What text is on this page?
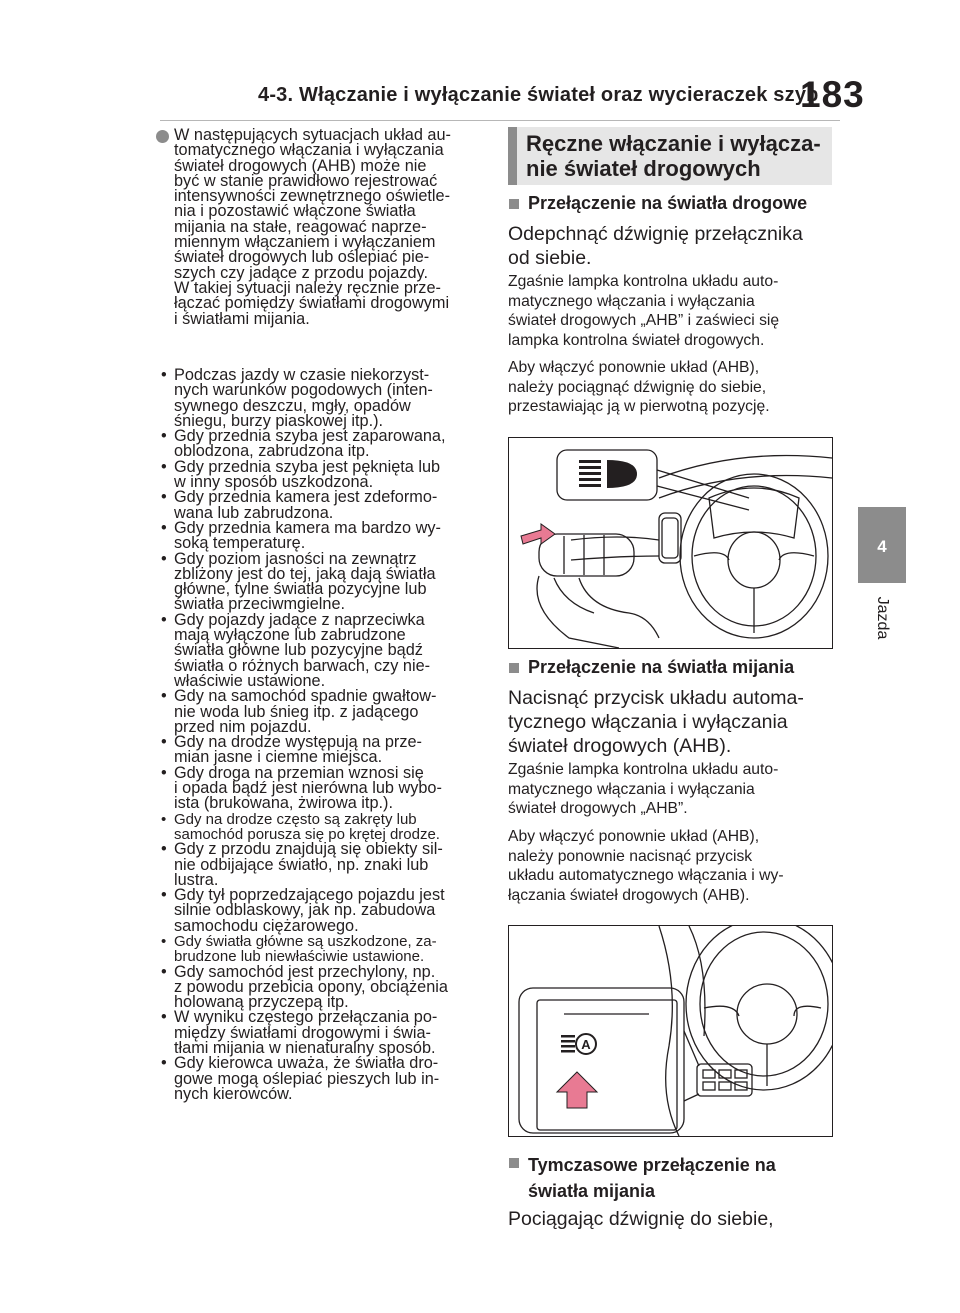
4-3. Włączanie i wyłączanie świateł oraz wycieraczek szyb
183
4
Jazda
W następujących sytuacjach układ au-
tomatycznego włączania i wyłączania
świateł drogowych (AHB) może nie
być w stanie prawidłowo rejestrować
intensywności zewnętrznego oświetle-
nia i pozostawić włączone światła
mijania na stałe, reagować naprze-
miennym włączaniem i wyłączaniem
świateł drogowych lub oślepiać pie-
szych czy jadące z przodu pojazdy.
W takiej sytuacji należy ręcznie prze-
łączać pomiędzy światłami drogowymi
i światłami mijania.
• Podczas jazdy w czasie niekorzyst-
nych warunków pogodowych (inten-
sywnego deszczu, mgły, opadów
śniegu, burzy piaskowej itp.).
• Gdy przednia szyba jest zaparowana,
oblodzona, zabrudzona itp.
• Gdy przednia szyba jest pęknięta lub
w inny sposób uszkodzona.
• Gdy przednia kamera jest zdeformo-
wana lub zabrudzona.
• Gdy przednia kamera ma bardzo wy-
soką temperaturę.
• Gdy poziom jasności na zewnątrz
zbliżony jest do tej, jaką dają światła
główne, tylne światła pozycyjne lub
światła przeciwmgielne.
• Gdy pojazdy jadące z naprzeciwka
mają wyłączone lub zabrudzone
światła główne lub pozycyjne bądź
światła o różnych barwach, czy nie-
właściwie ustawione.
• Gdy na samochód spadnie gwałtow-
nie woda lub śnieg itp. z jadącego
przed nim pojazdu.
• Gdy na drodze występują na prze-
mian jasne i ciemne miejsca.
• Gdy droga na przemian wznosi się
i opada bądź jest nierówna lub wybo-
ista (brukowana, żwirowa itp.).
• Gdy na drodze często są zakręty lub
samochód porusza się po krętej drodze.
• Gdy z przodu znajdują się obiekty sil-
nie odbijające światło, np. znaki lub
lustra.
• Gdy tył poprzedzającego pojazdu jest
silnie odblaskowy, jak np. zabudowa
samochodu ciężarowego.
• Gdy światła główne są uszkodzone, za-
brudzone lub niewłaściwie ustawione.
• Gdy samochód jest przechylony, np.
z powodu przebicia opony, obciążenia
holowaną przyczepą itp.
• W wyniku częstego przełączania po-
między światłami drogowymi i świa-
tłami mijania w nienaturalny sposób.
• Gdy kierowca uważa, że światła dro-
gowe mogą oślepiać pieszych lub in-
nych kierowców.
Ręczne włączanie i wyłącza-
nie świateł drogowych
Przełączenie na światła drogowe
Odepchnąć dźwignię przełącznika
od siebie.
Zgaśnie lampka kontrolna układu auto-
matycznego włączania i wyłączania
świateł drogowych „AHB” i zaświeci się
lampka kontrolna świateł drogowych.
Aby włączyć ponownie układ (AHB),
należy pociągnąć dźwignię do siebie,
przestawiając ją w pierwotną pozycję.
Przełączenie na światła mijania
Nacisnąć przycisk układu automa-
tycznego włączania i wyłączania
świateł drogowych (AHB).
Zgaśnie lampka kontrolna układu auto-
matycznego włączania i wyłączania
świateł drogowych „AHB”.
Aby włączyć ponownie układ (AHB),
należy ponownie nacisnąć przycisk
układu automatycznego włączania i wy-
łączania świateł drogowych (AHB).
A
Tymczasowe przełączenie na
światła mijania
Pociągając dźwignię do siebie,
